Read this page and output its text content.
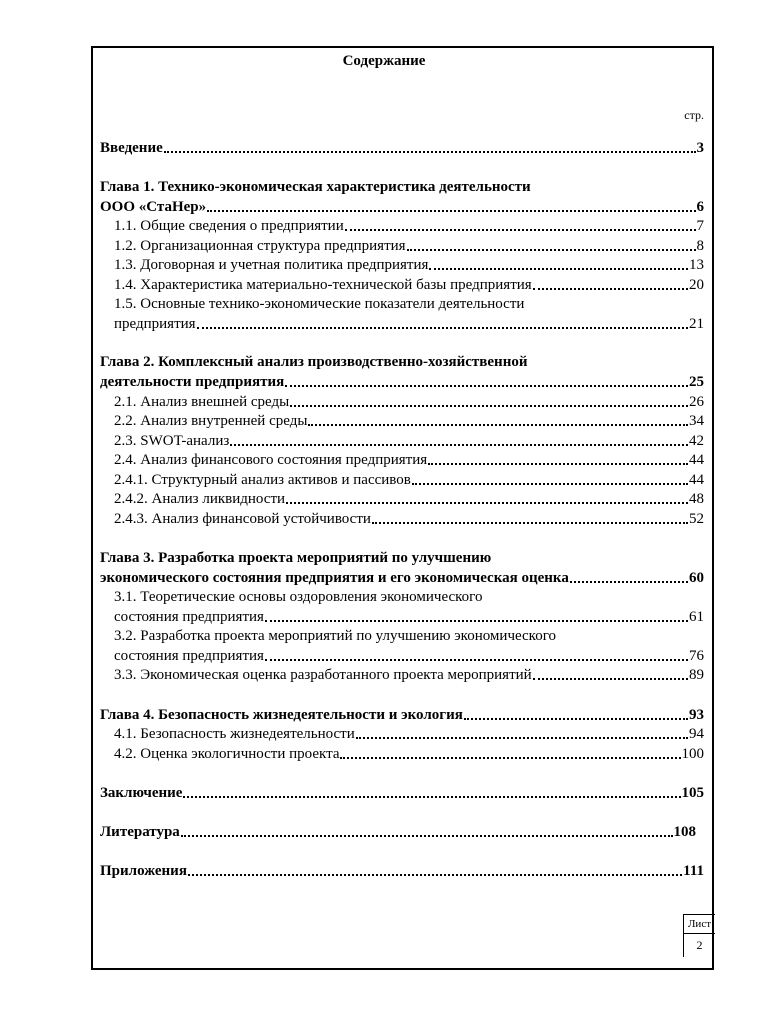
Содержание
стр.
Введение	3
Глава 1. Технико-экономическая характеристика деятельности
ООО «СтаНер»	6
1.1. Общие сведения о предприятии	7
1.2. Организационная структура предприятия	8
1.3. Договорная и учетная политика предприятия	13
1.4. Характеристика материально-технической базы предприятия	20
1.5. Основные технико-экономические показатели деятельности
предприятия	21
Глава 2. Комплексный анализ производственно-хозяйственной
деятельности предприятия	25
2.1. Анализ внешней среды	26
2.2. Анализ внутренней среды	34
2.3. SWOT-анализ	42
2.4. Анализ финансового состояния предприятия	44
2.4.1. Структурный анализ активов и пассивов	44
2.4.2. Анализ ликвидности	48
2.4.3. Анализ финансовой устойчивости	52
Глава 3. Разработка проекта мероприятий по улучшению
экономического состояния предприятия и его экономическая оценка	60
3.1. Теоретические основы оздоровления экономического
состояния предприятия	61
3.2. Разработка проекта мероприятий по улучшению экономического
состояния предприятия	76
3.3. Экономическая оценка разработанного проекта мероприятий	89
Глава 4. Безопасность жизнедеятельности и экология	93
4.1. Безопасность жизнедеятельности	94
4.2. Оценка экологичности проекта	100
Заключение	105
Литература	108
Приложения	111
Лист
2
